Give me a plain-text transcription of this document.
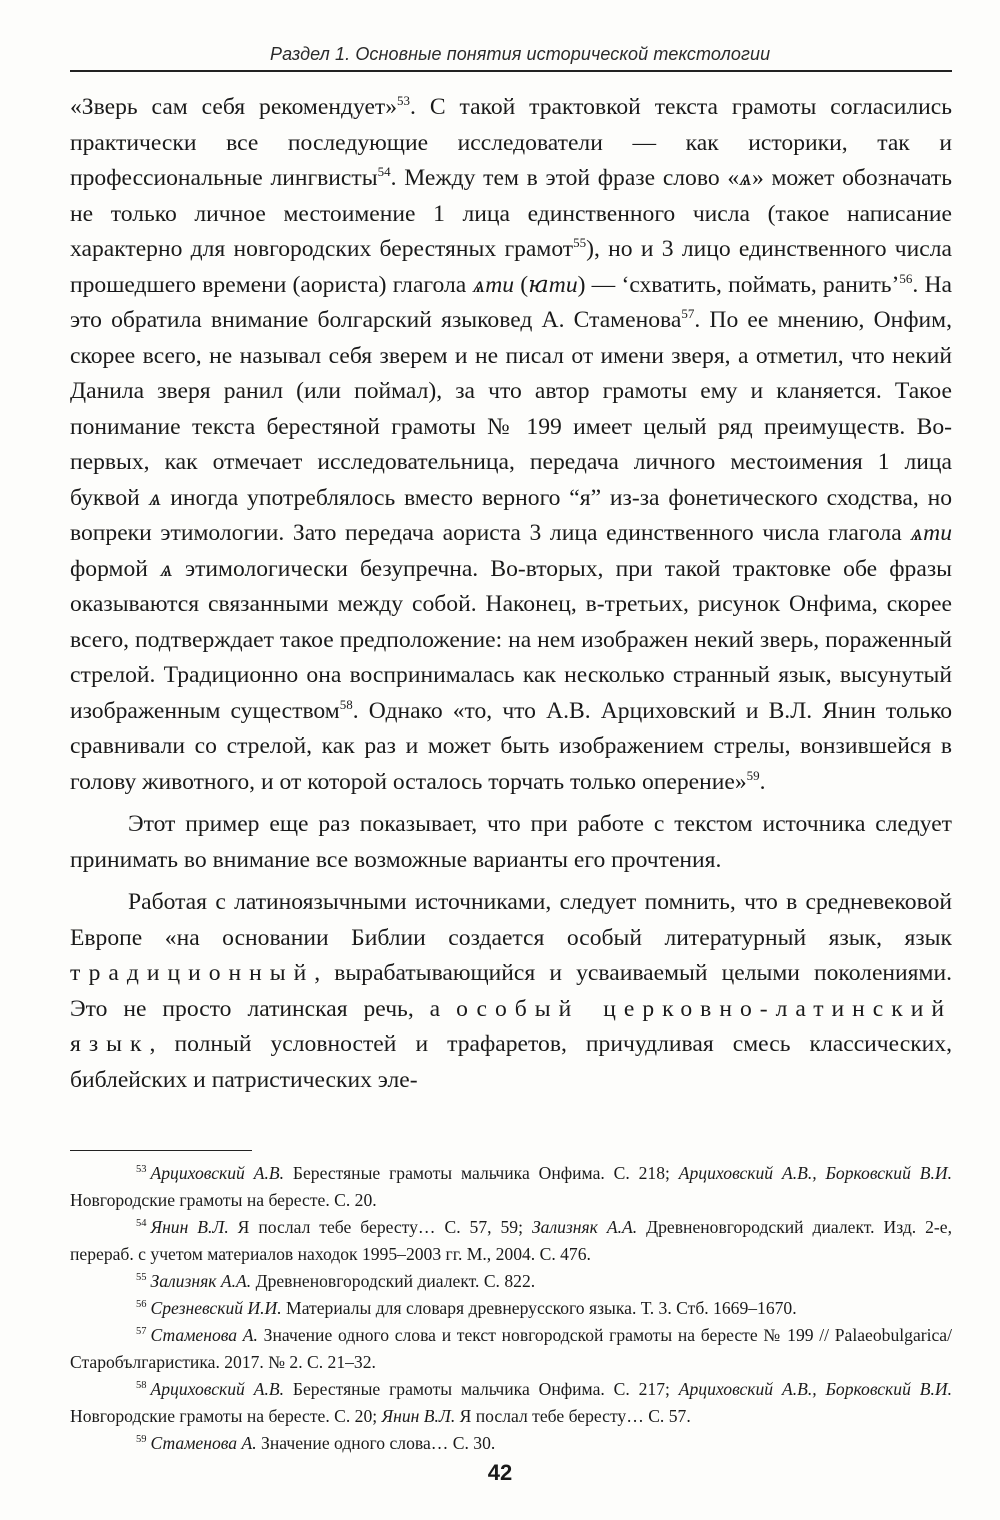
Раздел 1. Основные понятия исторической текстологии

«Зверь сам себя рекомендует»$^{53}$. С такой трактовкой текста грамоты согласились практически все последующие исследователи — как историки, так и профессиональные лингвисты$^{54}$. Между тем в этой фразе слово «ѧ» может обозначать не только личное местоимение 1 лица единственного числа (такое написание характерно для новгородских берестяных грамот$^{55}$), но и 3 лицо единственного числа прошедшего времени (аориста) глагола ѧти (ꙗти) — ‘схватить, поймать, ранить’$^{56}$. На это обратила внимание болгарский языковед А. Стаменова$^{57}$. По ее мнению, Онфим, скорее всего, не называл себя зверем и не писал от имени зверя, а отметил, что некий Данила зверя ранил (или поймал), за что автор грамоты ему и кланяется. Такое понимание текста берестяной грамоты № 199 имеет целый ряд преимуществ. Во-первых, как отмечает исследовательница, передача личного местоимения 1 лица буквой ѧ иногда употреблялось вместо верного “я” из-за фонетического сходства, но вопреки этимологии. Зато передача аориста 3 лица единственного числа глагола ѧти формой ѧ этимологически безупречна. Во-вторых, при такой трактовке обе фразы оказываются связанными между собой. Наконец, в-третьих, рисунок Онфима, скорее всего, подтверждает такое предположение: на нем изображен некий зверь, пораженный стрелой. Традиционно она воспринималась как несколько странный язык, высунутый изображенным существом$^{58}$. Однако «то, что А.В. Арциховский и В.Л. Янин только сравнивали со стрелой, как раз и может быть изображением стрелы, вонзившейся в голову животного, и от которой осталось торчать только оперение»$^{59}$.

Этот пример еще раз показывает, что при работе с текстом источника следует принимать во внимание все возможные варианты его прочтения.

Работая с латиноязычными источниками, следует помнить, что в средневековой Европе «на основании Библии создается особый литературный язык, язык традиционный, вырабатывающийся и усваиваемый целыми поколениями. Это не просто латинская речь, а особый церковно-латинский язык, полный условностей и трафаретов, причудливая смесь классических, библейских и патристических эле-

$^{53}$ Арциховский А.В. Берестяные грамоты мальчика Онфима. С. 218; Арциховский А.В., Борковский В.И. Новгородские грамоты на бересте. С. 20.

$^{54}$ Янин В.Л. Я послал тебе бересту… С. 57, 59; Зализняк А.А. Древненовгородский диалект. Изд. 2-е, перераб. с учетом материалов находок 1995–2003 гг. М., 2004. С. 476.

$^{55}$ Зализняк А.А. Древненовгородский диалект. С. 822.

$^{56}$ Срезневский И.И. Материалы для словаря древнерусского языка. Т. 3. Стб. 1669–1670.

$^{57}$ Стаменова А. Значение одного слова и текст новгородской грамоты на бересте № 199 // Palaeobulgarica/Старобългаристика. 2017. № 2. С. 21–32.

$^{58}$ Арциховский А.В. Берестяные грамоты мальчика Онфима. С. 217; Арциховский А.В., Борковский В.И. Новгородские грамоты на бересте. С. 20; Янин В.Л. Я послал тебе бересту… С. 57.

$^{59}$ Стаменова А. Значение одного слова… С. 30.

42
